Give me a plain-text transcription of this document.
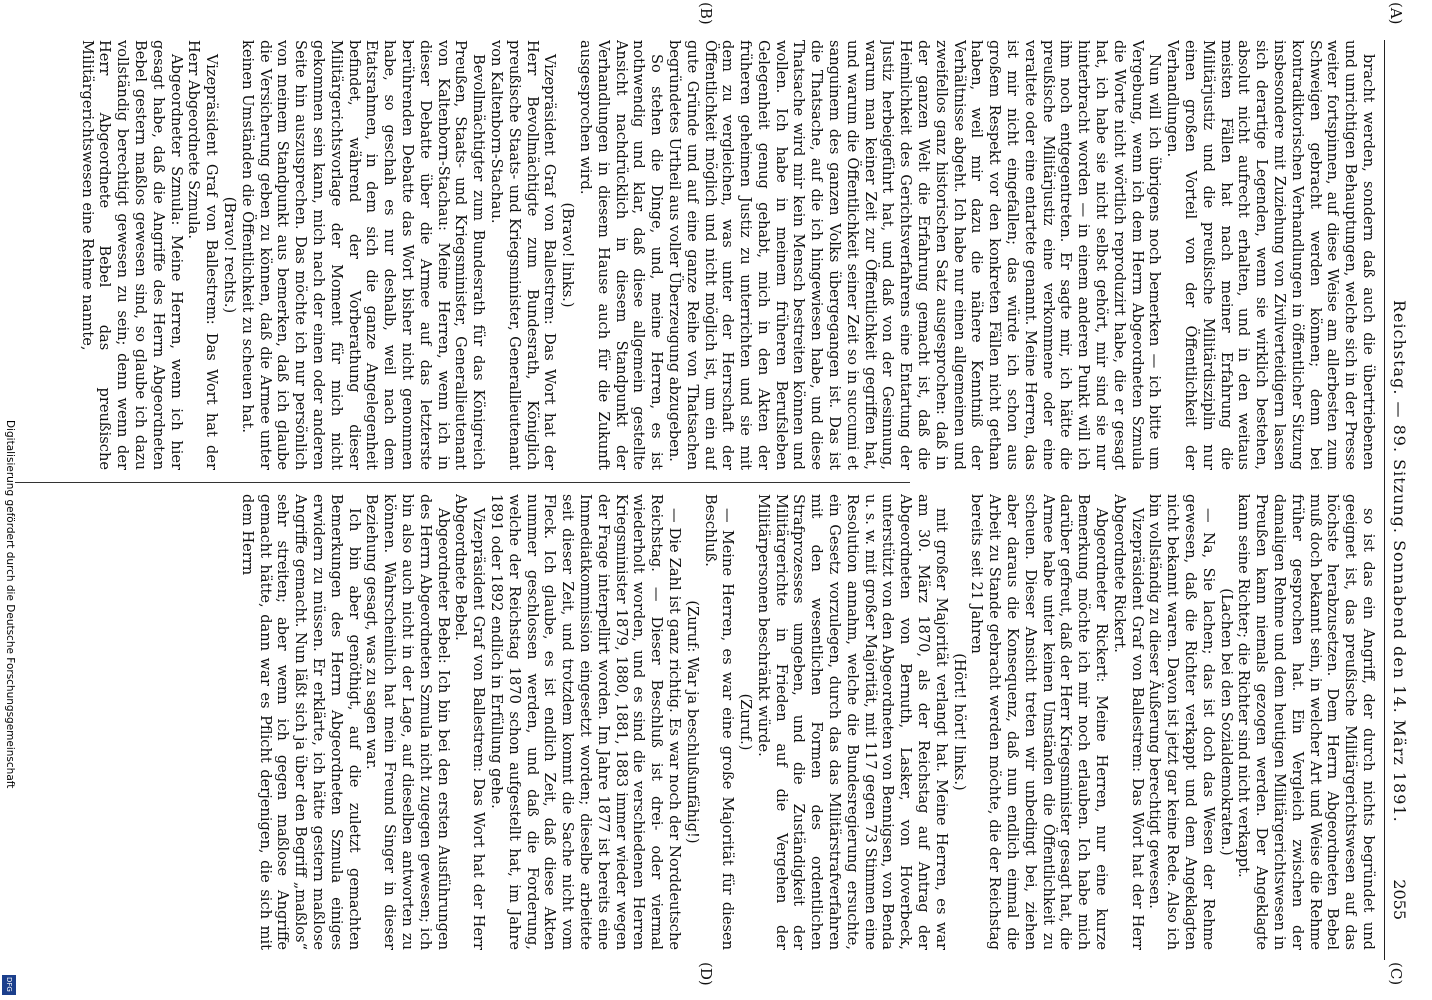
Reichstag. — 89. Sitzung. Sonnabend den 14. März 1891.
2055
(A)
(B)
(C)
(D)

bracht werden, sondern daß auch die übertriebenen und unrichtigen Behauptungen, welche sich in der Presse weiter fortspinnen, auf diese Weise am allerbesten zum Schweigen gebracht werden können; denn bei kontradiktorischen Verhandlungen in öffentlicher Sitzung insbesondere mit Zuziehung von Zivilverteidigern lassen sich derartige Legenden, wenn sie wirklich bestehen, absolut nicht aufrecht erhalten, und in den weitaus meisten Fällen hat nach meiner Erfahrung die Militärjustiz und die preußische Militärdisziplin nur einen großen Vorteil von der Öffentlichkeit der Verhandlungen.

Nun will ich übrigens noch bemerken — ich bitte um Vergebung, wenn ich dem Herrn Abgeordneten Szmula die Worte nicht wörtlich reproduzirt habe, die er gesagt hat, ich habe sie nicht selbst gehört, mir sind sie nur hinterbracht worden — in einem anderen Punkt will ich ihm noch entgegentreten. Er sagte mir, ich hätte die preußische Militärjustiz eine verkommene oder eine veraltete oder eine entartete genannt. Meine Herren, das ist mir nicht eingefallen; das würde ich schon aus großem Respekt vor den konkreten Fällen nicht gethan haben, weil mir dazu die nähere Kenntniß der Verhältnisse abgeht. Ich habe nur einen allgemeinen und zweifellos ganz historischen Satz ausgesprochen: daß in der ganzen Welt die Erfahrung gemacht ist, daß die Heimlichkeit des Gerichtsverfahrens eine Entartung der Justiz herbeigeführt hat, und daß von der Gesinnung, warum man keiner Zeit zur Öffentlichkeit gegriffen hat, und warum die Öffentlichkeit seiner Zeit so in succumi et sanguinem des ganzen Volks übergegangen ist. Das ist die Thatsache, auf die ich hingewiesen habe, und diese Thatsache wird mir kein Mensch bestreiten können und wollen. Ich habe in meinem früheren Berufsleben Gelegenheit genug gehabt, mich in den Akten der früheren geheimen Justiz zu unterrichten und sie mit dem zu vergleichen, was unter der Herrschaft der Öffentlichkeit möglich und nicht möglich ist, um ein auf gute Gründe und auf eine ganze Reihe von Thatsachen begründetes Urtheil aus voller Überzeugung abzugeben.

So stehen die Dinge, und, meine Herren, es ist nothwendig und klar, daß diese allgemein gestellte Ansicht nachdrücklich in diesem Standpunkt der Verhandlungen in diesem Hause auch für die Zukunft ausgesprochen wird.

(Bravo! links.)

Vizepräsident Graf von Ballestrem: Das Wort hat der Herr Bevollmächtigte zum Bundesrath, Königlich preußische Staats- und Kriegsminister, Generallieutenant von Kaltenborn-Stachau.

Bevollmächtigter zum Bundesrath für das Königreich Preußen, Staats- und Kriegsminister, Generallieutenant von Kaltenborn-Stachau: Meine Herren, wenn ich in dieser Debatte über die Armee auf das letzterste berührenden Debatte das Wort bisher nicht genommen habe, so geschah es nur deshalb, weil nach dem Etatsrahmen, in dem sich die ganze Angelegenheit befindet, während der Vorberathung dieser Militärgerichtsvorlage der Moment für mich nicht gekommen sein kann, mich nach der einen oder anderen Seite hin auszusprechen. Das möchte ich nur persönlich von meinem Standpunkt aus bemerken, daß ich glaube die Versicherung geben zu können, daß die Armee unter keinen Umständen die Öffentlichkeit zu scheuen hat.

(Bravo! rechts.)

Vizepräsident Graf von Ballestrem: Das Wort hat der Herr Abgeordnete Szmula.

Abgeordneter Szmula: Meine Herren, wenn ich hier gesagt habe, daß die Angriffe des Herrn Abgeordneten Bebel gestern maßlos gewesen sind, so glaube ich dazu vollständig berechtigt gewesen zu sein; denn wenn der Herr Abgeordnete Bebel das preußische Militärgerichtswesen eine Rehme nannte,

so ist das ein Angriff, der durch nichts begründet und geeignet ist, das preußische Militärgerichtswesen auf das höchste herabzusetzen. Dem Herrn Abgeordneten Bebel muß doch bekannt sein, in welcher Art und Weise die Rehme früher gesprochen hat. Ein Vergleich zwischen der damaligen Rehme und dem heutigen Militärgerichtswesen in Preußen kann niemals gezogen werden. Der Angeklagte kann seine Richter; die Richter sind nicht verkappt.

(Lachen bei den Sozialdemokraten.)

— Na, Sie lachen; das ist doch das Wesen der Rehme gewesen, daß die Richter verkappt und dem Angeklagten nicht bekannt waren. Davon ist jetzt gar keine Rede. Also ich bin vollständig zu dieser Äußerung berechtigt gewesen.

Vizepräsident Graf von Ballestrem: Das Wort hat der Herr Abgeordnete Rickert.

Abgeordneter Rickert: Meine Herren, nur eine kurze Bemerkung möchte ich mir noch erlauben. Ich habe mich darüber gefreut, daß der Herr Kriegsminister gesagt hat, die Armee habe unter keinen Umständen die Öffentlichkeit zu scheuen. Dieser Ansicht treten wir unbedingt bei, ziehen aber daraus die Konsequenz, daß nun endlich einmal die Arbeit zu Stande gebracht werden möchte, die der Reichstag bereits seit 21 Jahren

(Hört! hört! links.)

mit großer Majorität verlangt hat. Meine Herren, es war am 30. März 1870, als der Reichstag auf Antrag der Abgeordneten von Bernuth, Lasker, von Hoverbeck, unterstützt von den Abgeordneten von Bennigsen, von Benda u. s. w. mit großer Majorität, mit 117 gegen 73 Stimmen eine Resolution annahm, welche die Bundesregierung ersuchte, ein Gesetz vorzulegen, durch das das Militärstrafverfahren mit den wesentlichen Formen des ordentlichen Strafprozesses umgeben, und die Zuständigkeit der Militärgerichte in Frieden auf die Vergehen der Militärpersonen beschränkt würde.

(Zuruf.)

— Meine Herren, es war eine große Majorität für diesen Beschluß.

(Zuruf: War ja beschlußunfähig!)

— Die Zahl ist ganz richtig. Es war noch der Norddeutsche Reichstag. — Dieser Beschluß ist drei- oder viermal wiederholt worden, und es sind die verschiedenen Herren Kriegsminister 1879, 1880, 1881, 1883 immer wieder wegen der Frage interpellirt worden. Im Jahre 1877 ist bereits eine Immediatkommission eingesetzt worden; dieselbe arbeitete seit dieser Zeit, und trotzdem kommt die Sache nicht vom Fleck. Ich glaube, es ist endlich Zeit, daß diese Akten nummer geschlossen werden, und daß die Forderung, welche der Reichstag 1870 schon aufgestellt hat, im Jahre 1891 oder 1892 endlich in Erfüllung gehe.

Vizepräsident Graf von Ballestrem: Das Wort hat der Herr Abgeordnete Bebel.

Abgeordneter Bebel: Ich bin bei den ersten Ausführungen des Herrn Abgeordneten Szmula nicht zugegen gewesen; ich bin also auch nicht in der Lage, auf dieselben antworten zu können. Wahrscheinlich hat mein Freund Singer in dieser Beziehung gesagt, was zu sagen war.

Ich bin aber genöthigt, auf die zuletzt gemachten Bemerkungen des Herrn Abgeordneten Szmula einiges erwidern zu müssen. Er erklärte, ich hätte gestern maßlose Angriffe gemacht. Nun läßt sich ja über den Begriff „maßlos“ sehr streiten; aber wenn ich gegen maßlose Angriffe gemacht hätte, dann war es Pflicht derjenigen, die sich mit dem Herrn

Digitalisierung gefördert durch die Deutsche Forschungsgemeinschaft
DFG
